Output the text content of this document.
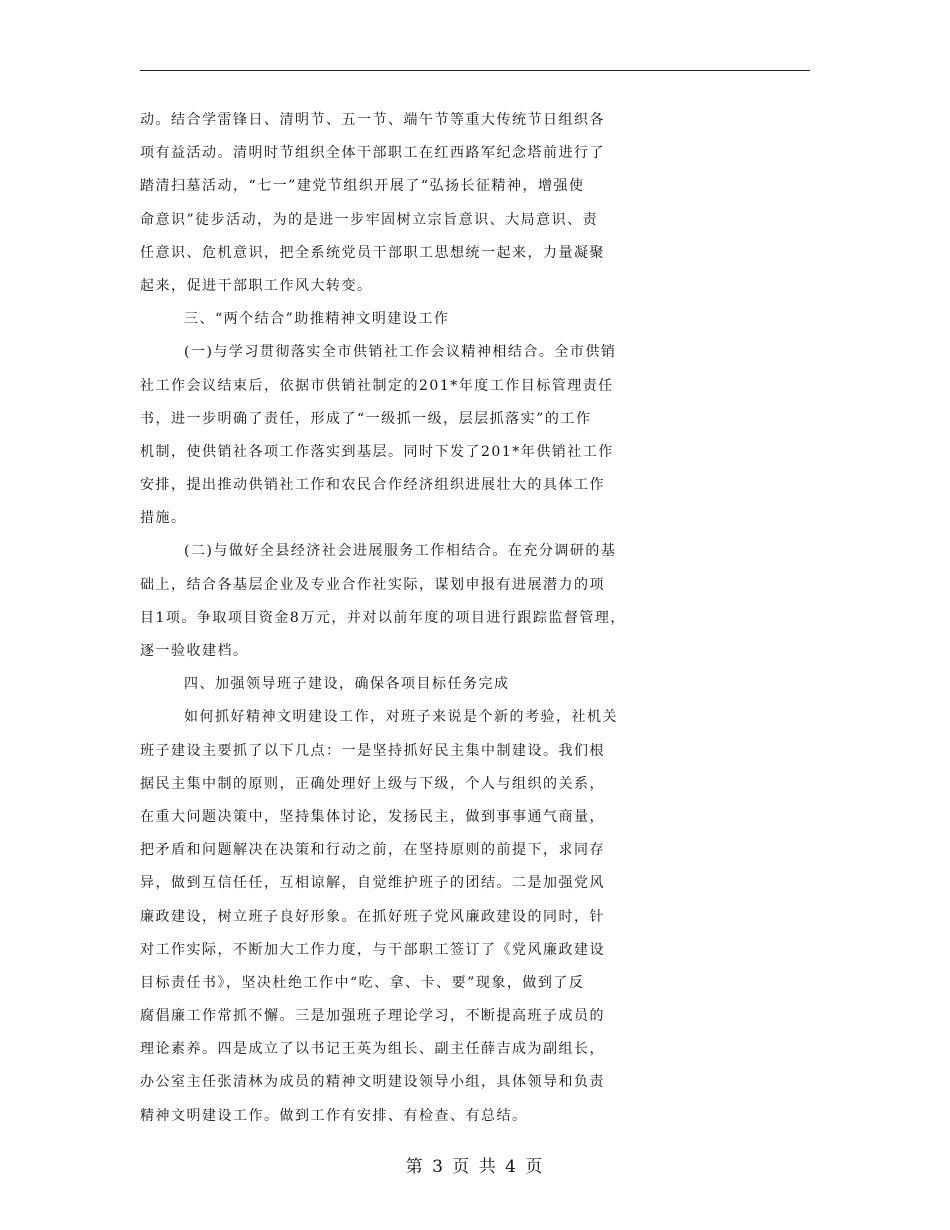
动。结合学雷锋日、清明节、五一节、端午节等重大传统节日组织各
项有益活动。清明时节组织全体干部职工在红西路军纪念塔前进行了
踏清扫墓活动，“七一”建党节组织开展了“弘扬长征精神，增强使
命意识”徒步活动，为的是进一步牢固树立宗旨意识、大局意识、责
任意识、危机意识，把全系统党员干部职工思想统一起来，力量凝聚
起来，促进干部职工作风大转变。
三、“两个结合”助推精神文明建设工作
(一)与学习贯彻落实全市供销社工作会议精神相结合。全市供销
社工作会议结束后，依据市供销社制定的201*年度工作目标管理责任
书，进一步明确了责任，形成了“一级抓一级，层层抓落实”的工作
机制，使供销社各项工作落实到基层。同时下发了201*年供销社工作
安排，提出推动供销社工作和农民合作经济组织进展壮大的具体工作
措施。
(二)与做好全县经济社会进展服务工作相结合。在充分调研的基
础上，结合各基层企业及专业合作社实际，谋划申报有进展潜力的项
目1项。争取项目资金8万元，并对以前年度的项目进行跟踪监督管理，
逐一验收建档。
四、加强领导班子建设，确保各项目标任务完成
如何抓好精神文明建设工作，对班子来说是个新的考验，社机关
班子建设主要抓了以下几点：一是坚持抓好民主集中制建设。我们根
据民主集中制的原则，正确处理好上级与下级，个人与组织的关系，
在重大问题决策中，坚持集体讨论，发扬民主，做到事事通气商量，
把矛盾和问题解决在决策和行动之前，在坚持原则的前提下，求同存
异，做到互信任任，互相谅解，自觉维护班子的团结。二是加强党风
廉政建设，树立班子良好形象。在抓好班子党风廉政建设的同时，针
对工作实际，不断加大工作力度，与干部职工签订了《党风廉政建设
目标责任书》，坚决杜绝工作中“吃、拿、卡、要”现象，做到了反
腐倡廉工作常抓不懈。三是加强班子理论学习，不断提高班子成员的
理论素养。四是成立了以书记王英为组长、副主任薛吉成为副组长，
办公室主任张清林为成员的精神文明建设领导小组，具体领导和负责
精神文明建设工作。做到工作有安排、有检查、有总结。
第 3 页 共 4 页
